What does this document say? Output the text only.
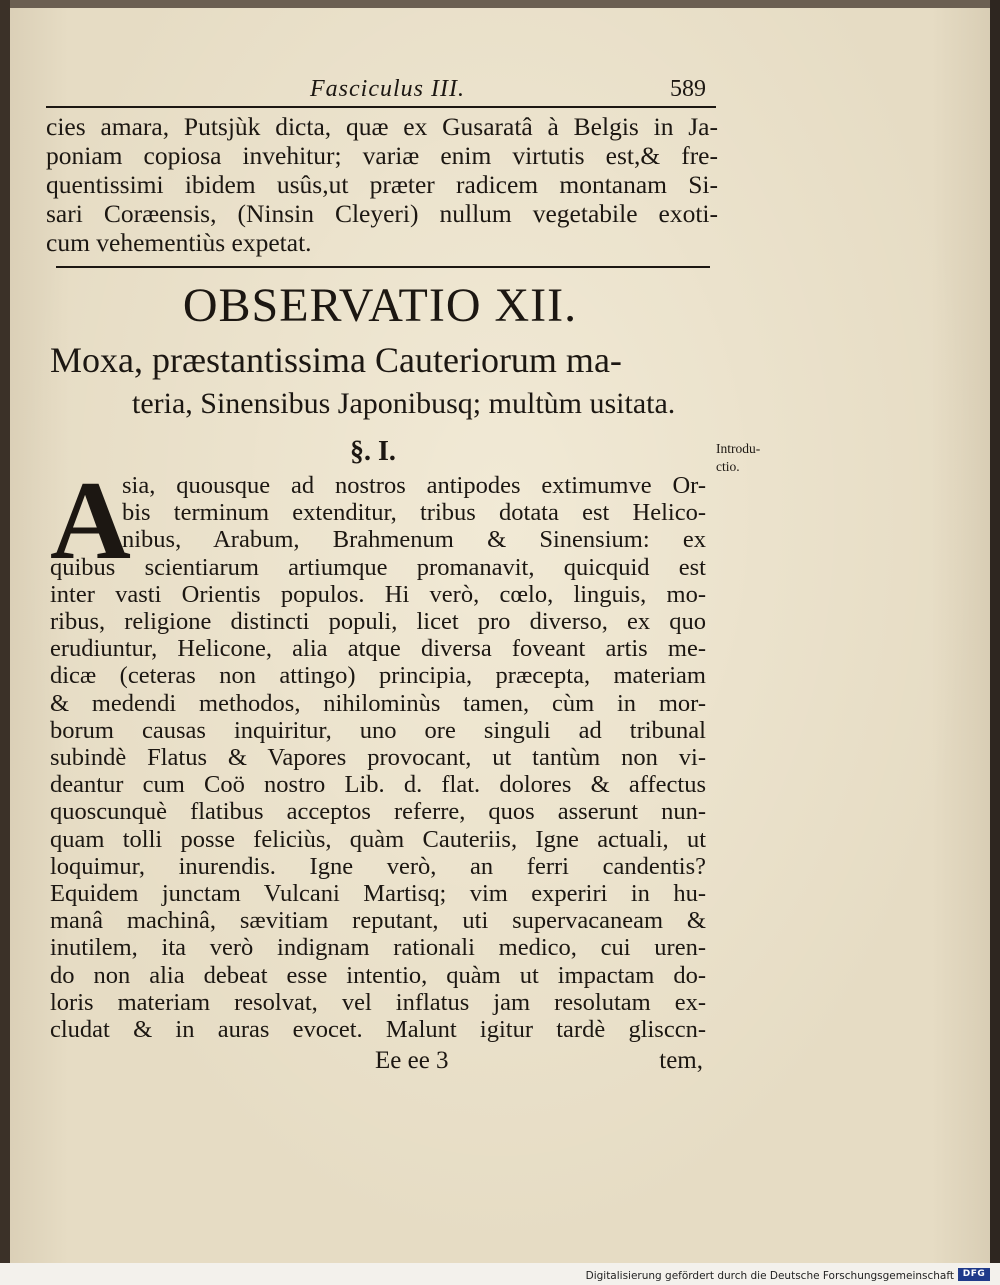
Fasciculus III.	589
cies amara, Putsjùk dicta, quæ ex Gusaratâ à Belgis in Ja-
poniam copiosa invehitur; variæ enim virtutis est,& fre-
quentissimi ibidem usûs,ut præter radicem montanam Si-
sari Coræensis, (Ninsin Cleyeri) nullum vegetabile exoti-
cum vehementiùs expetat.
OBSERVATIO XII.
Moxa, præstantissima Cauteriorum ma-
teria, Sinensibus Japonibusq; multùm usitata.
§. I.	Introdu-
ctio.
A
sia, quousque ad nostros antipodes extimumve Or-
bis terminum extenditur, tribus dotata est Helico-
nibus, Arabum, Brahmenum & Sinensium: ex
quibus scientiarum artiumque promanavit, quicquid est
inter vasti Orientis populos. Hi verò, cœlo, linguis, mo-
ribus, religione distincti populi, licet pro diverso, ex quo
erudiuntur, Helicone, alia atque diversa foveant artis me-
dicæ (ceteras non attingo) principia, præcepta, materiam
& medendi methodos, nihilominùs tamen, cùm in mor-
borum causas inquiritur, uno ore singuli ad tribunal
subindè Flatus & Vapores provocant, ut tantùm non vi-
deantur cum Coö nostro Lib. d. flat. dolores & affectus
quoscunquè flatibus acceptos referre, quos asserunt nun-
quam tolli posse feliciùs, quàm Cauteriis, Igne actuali, ut
loquimur, inurendis. Igne verò, an ferri candentis?
Equidem junctam Vulcani Martisq; vim experiri in hu-
manâ machinâ, sævitiam reputant, uti supervacaneam &
inutilem, ita verò indignam rationali medico, cui uren-
do non alia debeat esse intentio, quàm ut impactam do-
loris materiam resolvat, vel inflatus jam resolutam ex-
cludat & in auras evocet. Malunt igitur tardè glisccn-
Ee ee 3	tem,
Digitalisierung gefördert durch die Deutsche Forschungsgemeinschaft DFG
